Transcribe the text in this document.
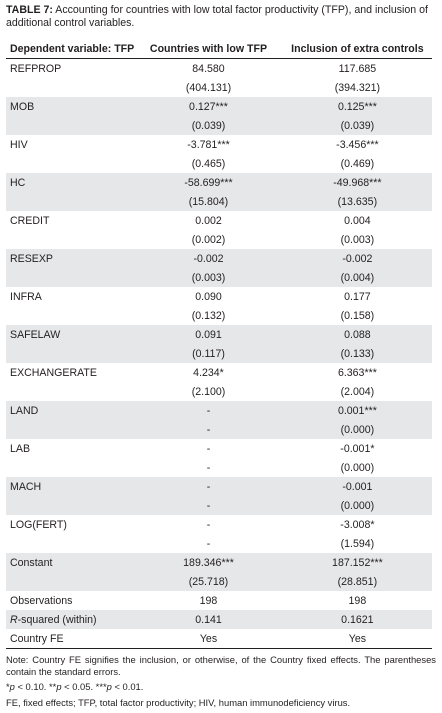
TABLE 7: Accounting for countries with low total factor productivity (TFP), and inclusion of additional control variables.
Dependent variable: TFP	Countries with low TFP	Inclusion of extra controls
REFPROP	84.580	117.685
	(404.131)	(394.321)
MOB	0.127***	0.125***
	(0.039)	(0.039)
HIV	-3.781***	-3.456***
	(0.465)	(0.469)
HC	-58.699***	-49.968***
	(15.804)	(13.635)
CREDIT	0.002	0.004
	(0.002)	(0.003)
RESEXP	-0.002	-0.002
	(0.003)	(0.004)
INFRA	0.090	0.177
	(0.132)	(0.158)
SAFELAW	0.091	0.088
	(0.117)	(0.133)
EXCHANGERATE	4.234*	6.363***
	(2.100)	(2.004)
LAND	-	0.001***
	-	(0.000)
LAB	-	-0.001*
	-	(0.000)
MACH	-	-0.001
	-	(0.000)
LOG(FERT)	-	-3.008*
	-	(1.594)
Constant	189.346***	187.152***
	(25.718)	(28.851)
Observations	198	198
R-squared (within)	0.141	0.1621
Country FE	Yes	Yes
Note: Country FE signifies the inclusion, or otherwise, of the Country fixed effects. The parentheses contain the standard errors.
*p < 0.10. **p < 0.05. ***p < 0.01.
FE, fixed effects; TFP, total factor productivity; HIV, human immunodeficiency virus.
